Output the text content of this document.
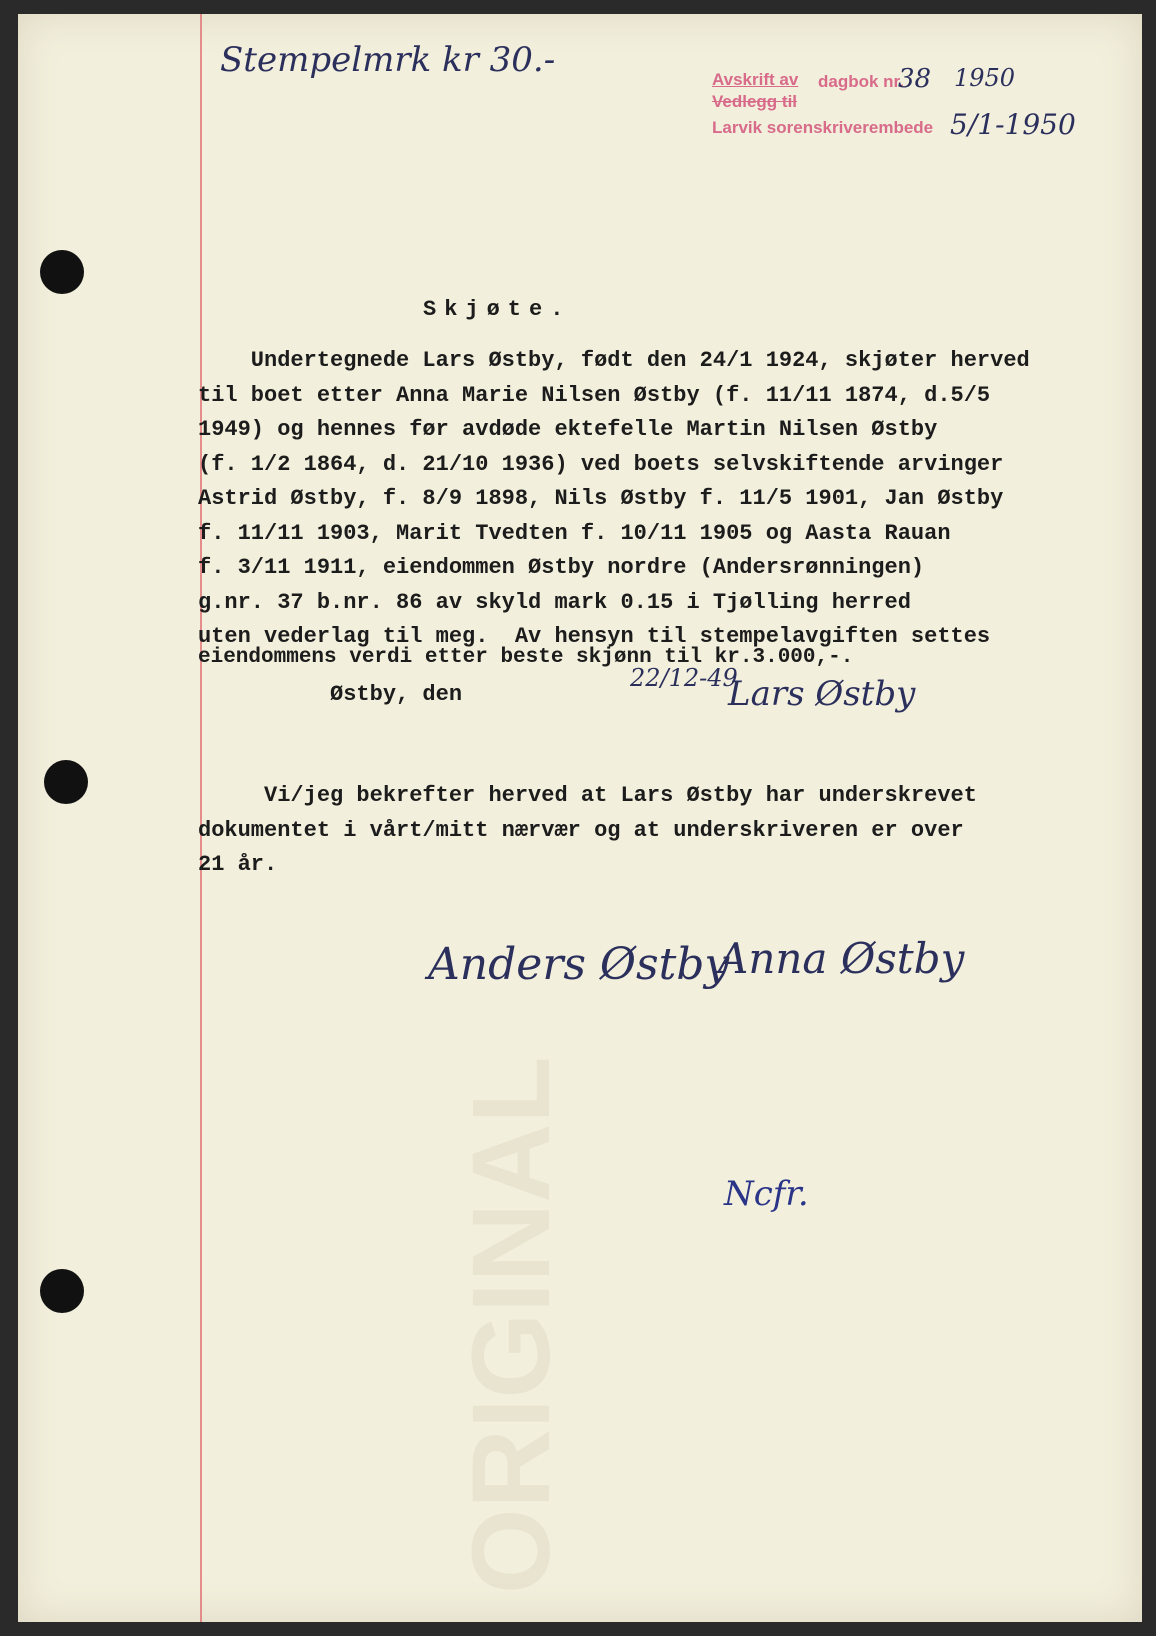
ORIGINAL
Stempelmrk kr 30.-	Avskrift av dagbok nr.
38 1950
Vedlegg til
Larvik sorenskriverembede 5/1-1950
Skjøte.
Undertegnede Lars Østby, født den 24/1 1924, skjøter herved
til boet etter Anna Marie Nilsen Østby (f. 11/11 1874, d.5/5
1949) og hennes før avdøde ektefelle Martin Nilsen Østby
(f. 1/2 1864, d. 21/10 1936) ved boets selvskiftende arvinger
Astrid Østby, f. 8/9 1898, Nils Østby f. 11/5 1901, Jan Østby
f. 11/11 1903, Marit Tvedten f. 10/11 1905 og Aasta Rauan
f. 3/11 1911, eiendommen Østby nordre (Andersrønningen)
g.nr. 37 b.nr. 86 av skyld mark 0.15 i Tjølling herred
uten vederlag til meg.  Av hensyn til stempelavgiften settes
eiendommens verdi etter beste skjønn til kr.3.000,-.
Østby, den
22/12-49
Lars Østby
Vi/jeg bekrefter herved at Lars Østby har underskrevet
dokumentet i vårt/mitt nærvær og at underskriveren er over
21 år.
Anders Østby
Anna Østby
Ncfr.
